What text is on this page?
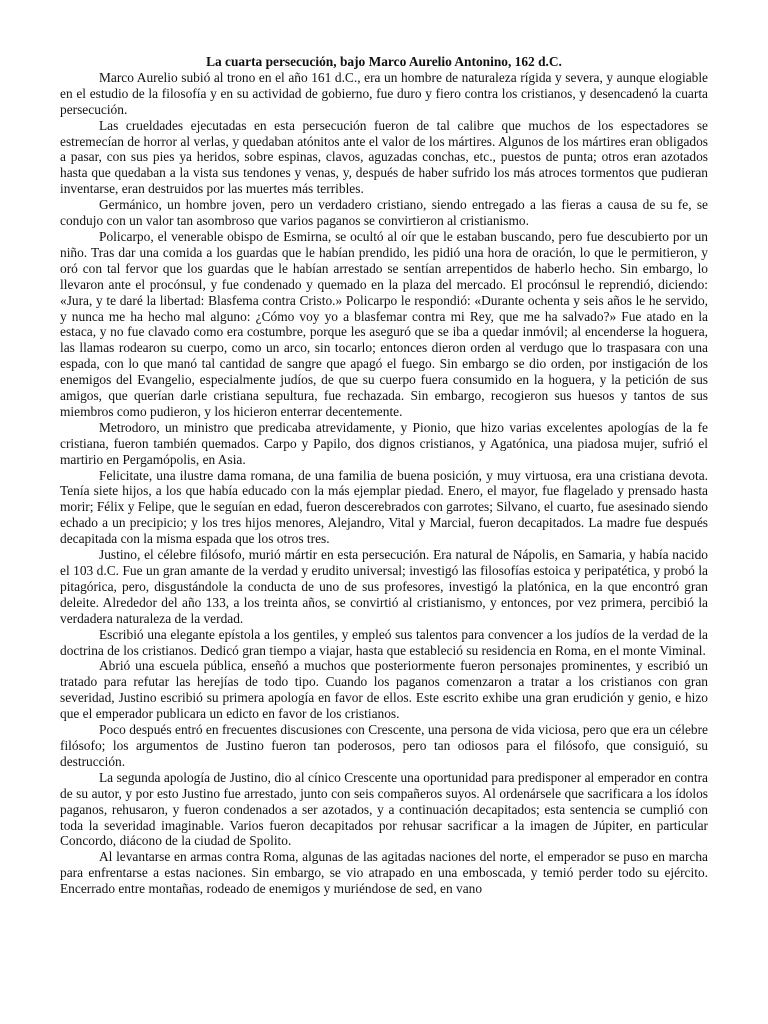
La cuarta persecución, bajo Marco Aurelio Antonino, 162 d.C.

Marco Aurelio subió al trono en el año 161 d.C., era un hombre de naturaleza rígida y severa, y aunque elogiable en el estudio de la filosofía y en su actividad de gobierno, fue duro y fiero contra los cristianos, y desencadenó la cuarta persecución.

Las crueldades ejecutadas en esta persecución fueron de tal calibre que muchos de los espectadores se estremecían de horror al verlas, y quedaban atónitos ante el valor de los mártires. Algunos de los mártires eran obligados a pasar, con sus pies ya heridos, sobre espinas, clavos, aguzadas conchas, etc., puestos de punta; otros eran azotados hasta que quedaban a la vista sus tendones y venas, y, después de haber sufrido los más atroces tormentos que pudieran inventarse, eran destruidos por las muertes más terribles.

Germánico, un hombre joven, pero un verdadero cristiano, siendo entregado a las fieras a causa de su fe, se condujo con un valor tan asombroso que varios paganos se convirtieron al cristianismo.

Policarpo, el venerable obispo de Esmirna, se ocultó al oír que le estaban buscando, pero fue descubierto por un niño. Tras dar una comida a los guardas que le habían prendido, les pidió una hora de oración, lo que le permitieron, y oró con tal fervor que los guardas que le habían arrestado se sentían arrepentidos de haberlo hecho. Sin embargo, lo llevaron ante el procónsul, y fue condenado y quemado en la plaza del mercado. El procónsul le reprendió, diciendo: «Jura, y te daré la libertad: Blasfema contra Cristo.» Policarpo le respondió: «Durante ochenta y seis años le he servido, y nunca me ha hecho mal alguno: ¿Cómo voy yo a blasfemar contra mi Rey, que me ha salvado?» Fue atado en la estaca, y no fue clavado como era costumbre, porque les aseguró que se iba a quedar inmóvil; al encenderse la hoguera, las llamas rodearon su cuerpo, como un arco, sin tocarlo; entonces dieron orden al verdugo que lo traspasara con una espada, con lo que manó tal cantidad de sangre que apagó el fuego. Sin embargo se dio orden, por instigación de los enemigos del Evangelio, especialmente judíos, de que su cuerpo fuera consumido en la hoguera, y la petición de sus amigos, que querían darle cristiana sepultura, fue rechazada. Sin embargo, recogieron sus huesos y tantos de sus miembros como pudieron, y los hicieron enterrar decentemente.

Metrodoro, un ministro que predicaba atrevidamente, y Pionio, que hizo varias excelentes apologías de la fe cristiana, fueron también quemados. Carpo y Papilo, dos dignos cristianos, y Agatónica, una piadosa mujer, sufrió el martirio en Pergamópolis, en Asia.

Felicitate, una ilustre dama romana, de una familia de buena posición, y muy virtuosa, era una cristiana devota. Tenía siete hijos, a los que había educado con la más ejemplar piedad. Enero, el mayor, fue flagelado y prensado hasta morir; Félix y Felipe, que le seguían en edad, fueron descerebrados con garrotes; Silvano, el cuarto, fue asesinado siendo echado a un precipicio; y los tres hijos menores, Alejandro, Vital y Marcial, fueron decapitados. La madre fue después decapitada con la misma espada que los otros tres.

Justino, el célebre filósofo, murió mártir en esta persecución. Era natural de Nápolis, en Samaria, y había nacido el 103 d.C. Fue un gran amante de la verdad y erudito universal; investigó las filosofías estoica y peripatética, y probó la pitagórica, pero, disgustándole la conducta de uno de sus profesores, investigó la platónica, en la que encontró gran deleite. Alrededor del año 133, a los treinta años, se convirtió al cristianismo, y entonces, por vez primera, percibió la verdadera naturaleza de la verdad.

Escribió una elegante epístola a los gentiles, y empleó sus talentos para convencer a los judíos de la verdad de la doctrina de los cristianos. Dedicó gran tiempo a viajar, hasta que estableció su residencia en Roma, en el monte Viminal.

Abrió una escuela pública, enseñó a muchos que posteriormente fueron personajes prominentes, y escribió un tratado para refutar las herejías de todo tipo. Cuando los paganos comenzaron a tratar a los cristianos con gran severidad, Justino escribió su primera apología en favor de ellos. Este escrito exhibe una gran erudición y genio, e hizo que el emperador publicara un edicto en favor de los cristianos.

Poco después entró en frecuentes discusiones con Crescente, una persona de vida viciosa, pero que era un célebre filósofo; los argumentos de Justino fueron tan poderosos, pero tan odiosos para el filósofo, que consiguió, su destrucción.

La segunda apología de Justino, dio al cínico Crescente una oportunidad para predisponer al emperador en contra de su autor, y por esto Justino fue arrestado, junto con seis compañeros suyos. Al ordenársele que sacrificara a los ídolos paganos, rehusaron, y fueron condenados a ser azotados, y a continuación decapitados; esta sentencia se cumplió con toda la severidad imaginable. Varios fueron decapitados por rehusar sacrificar a la imagen de Júpiter, en particular Concordo, diácono de la ciudad de Spolito.

Al levantarse en armas contra Roma, algunas de las agitadas naciones del norte, el emperador se puso en marcha para enfrentarse a estas naciones. Sin embargo, se vio atrapado en una emboscada, y temió perder todo su ejército. Encerrado entre montañas, rodeado de enemigos y muriéndose de sed, en vano
